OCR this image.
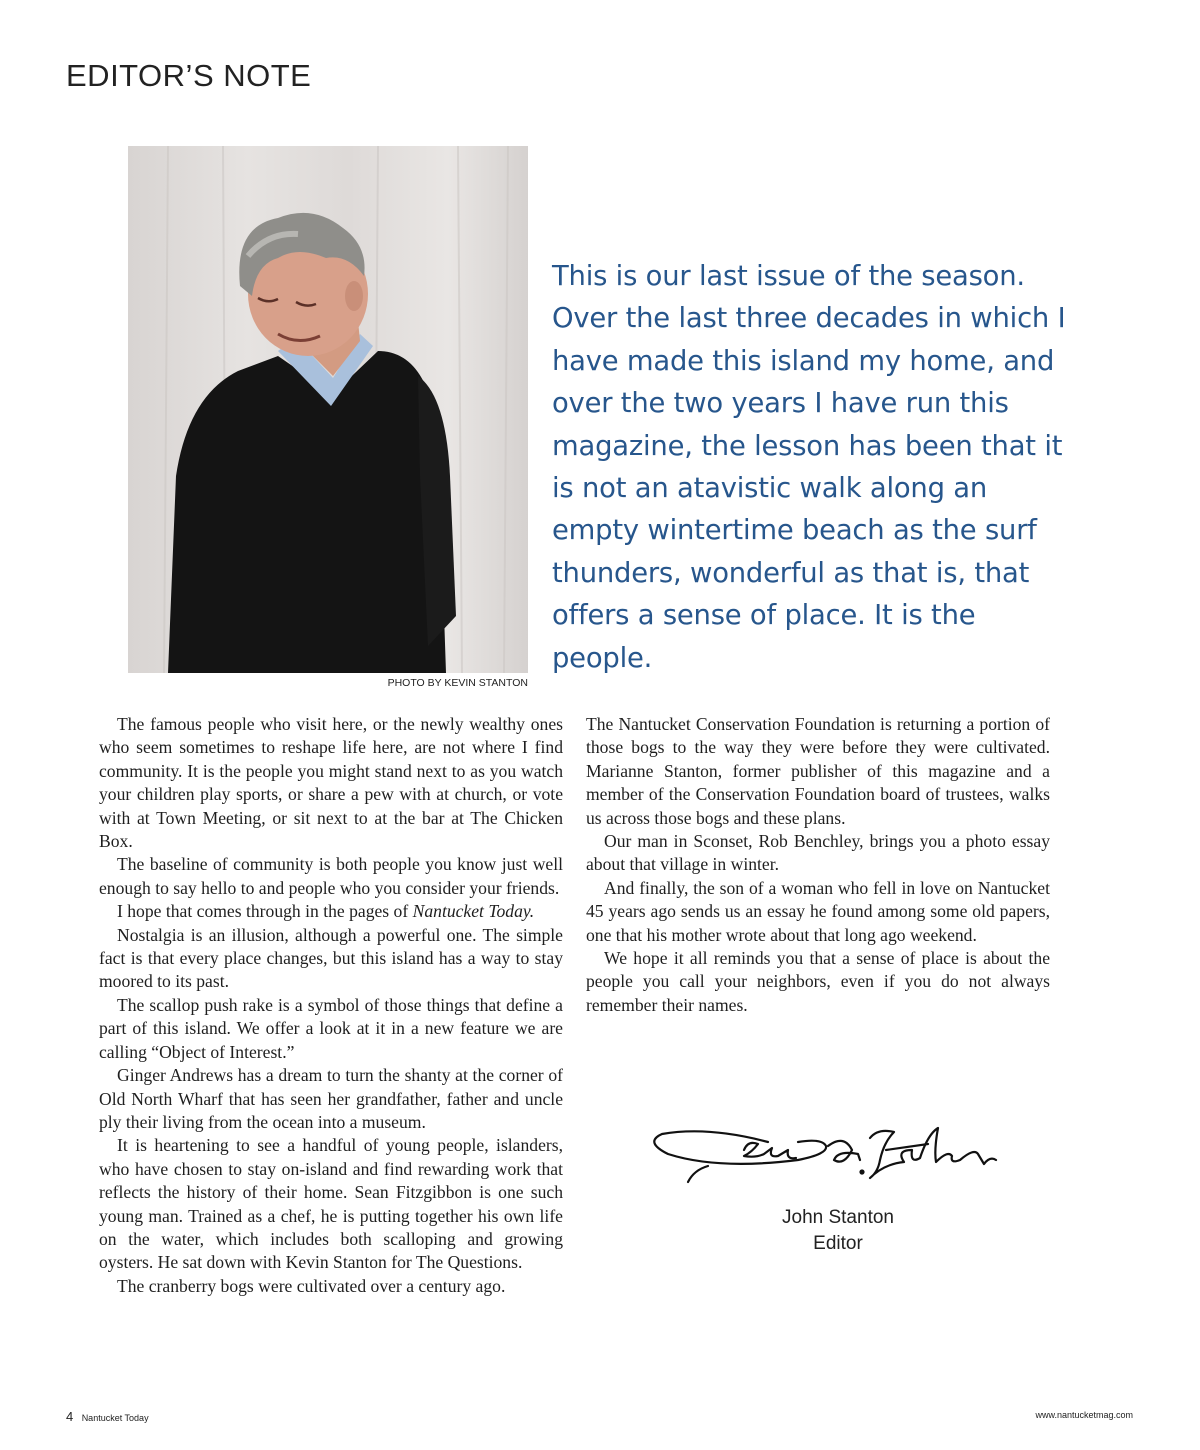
EDITOR’S NOTE
PHOTO BY KEVIN STANTON

This is our last issue of the season. Over the last three decades in which I have made this island my home, and over the two years I have run this magazine, the lesson has been that it is not an atavistic walk along an empty wintertime beach as the surf thunders, wonderful as that is, that offers a sense of place. It is the people.

The famous people who visit here, or the newly wealthy ones who seem sometimes to reshape life here, are not where I find community. It is the people you might stand next to as you watch your children play sports, or share a pew with at church, or vote with at Town Meeting, or sit next to at the bar at The Chicken Box.

The baseline of community is both people you know just well enough to say hello to and people who you consider your friends.

I hope that comes through in the pages of Nantucket Today.

Nostalgia is an illusion, although a powerful one. The simple fact is that every place changes, but this island has a way to stay moored to its past.

The scallop push rake is a symbol of those things that define a part of this island. We offer a look at it in a new feature we are calling “Object of Interest.”

Ginger Andrews has a dream to turn the shanty at the corner of Old North Wharf that has seen her grandfather, father and uncle ply their living from the ocean into a museum.

It is heartening to see a handful of young people, islanders, who have chosen to stay on-island and find rewarding work that reflects the history of their home. Sean Fitzgibbon is one such young man. Trained as a chef, he is putting together his own life on the water, which includes both scalloping and growing oysters. He sat down with Kevin Stanton for The Questions.

The cranberry bogs were cultivated over a century ago.

The Nantucket Conservation Foundation is returning a portion of those bogs to the way they were before they were cultivated. Marianne Stanton, former publisher of this magazine and a member of the Conservation Foundation board of trustees, walks us across those bogs and these plans.

Our man in Sconset, Rob Benchley, brings you a photo essay about that village in winter.

And finally, the son of a woman who fell in love on Nantucket 45 years ago sends us an essay he found among some old papers, one that his mother wrote about that long ago weekend.

We hope it all reminds you that a sense of place is about the people you call your neighbors, even if you do not always remember their names.

John Stanton
Editor
4 Nantucket Today	www.nantucketmag.com
